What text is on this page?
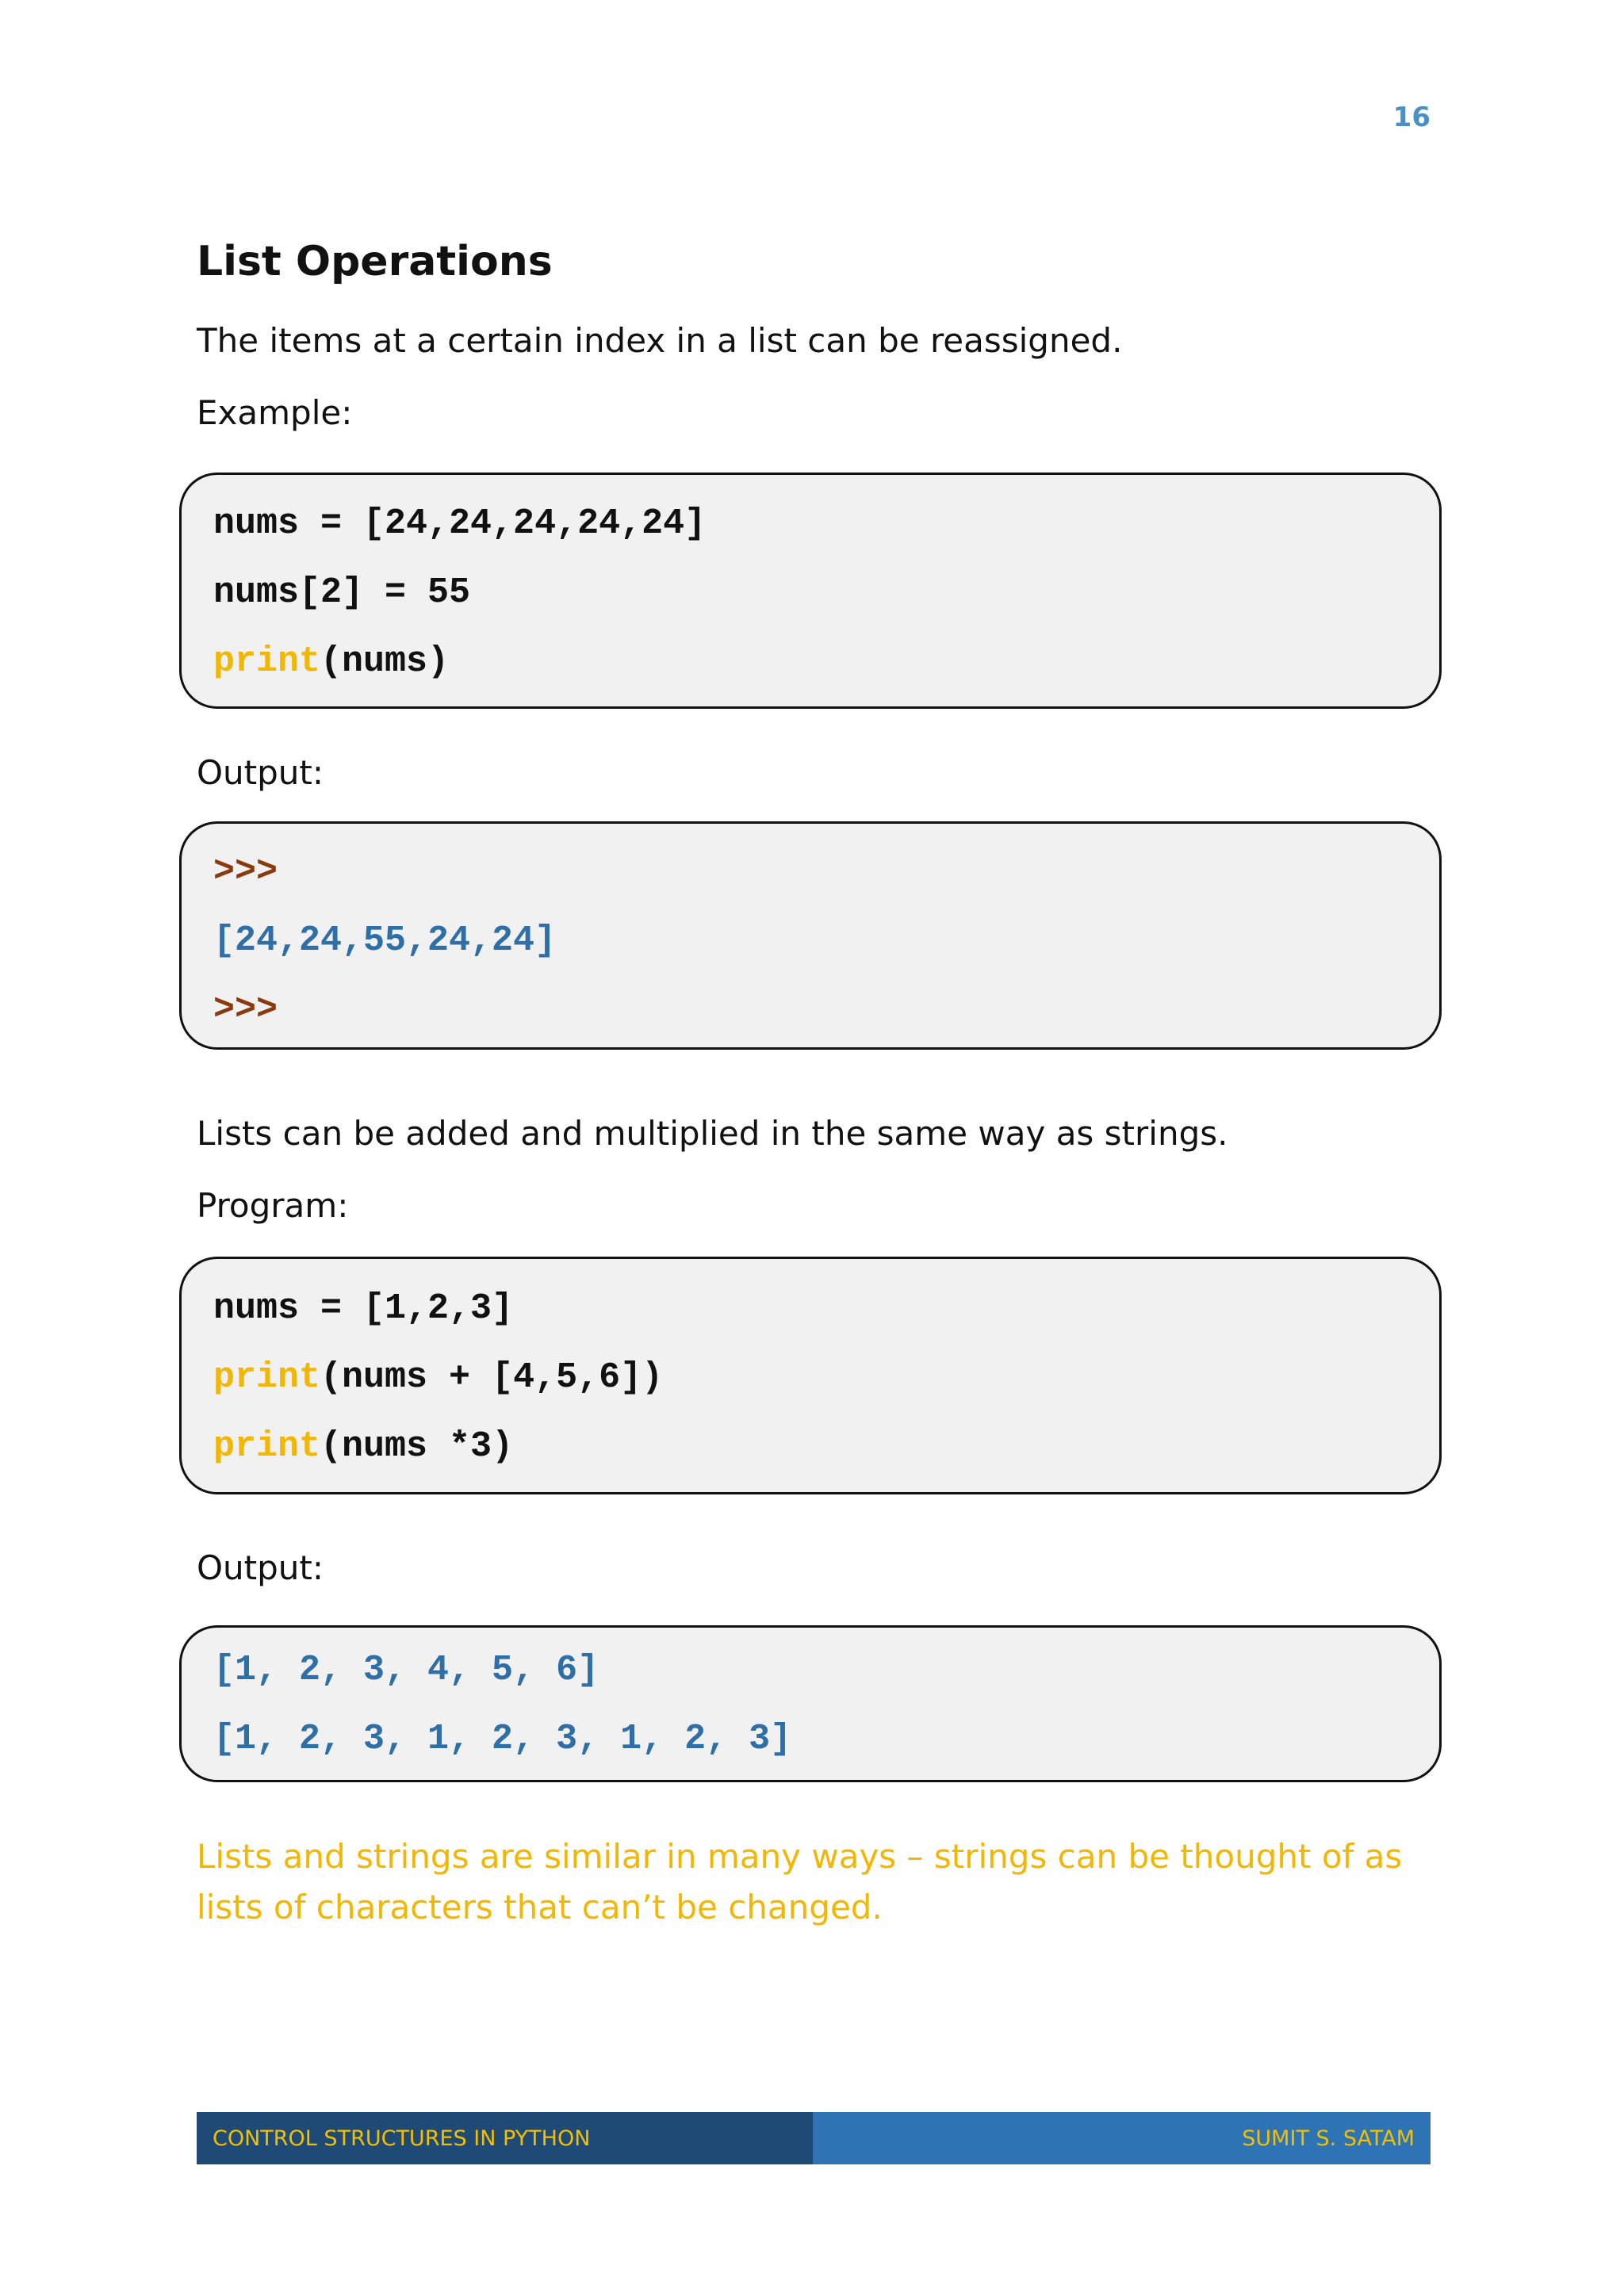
16
List Operations

The items at a certain index in a list can be reassigned.

Example:

nums = [24,24,24,24,24]
nums[2] = 55
print(nums)

Output:

>>>
[24,24,55,24,24]
>>>

Lists can be added and multiplied in the same way as strings.

Program:

nums = [1,2,3]
print(nums + [4,5,6])
print(nums *3)

Output:

[1, 2, 3, 4, 5, 6]
[1, 2, 3, 1, 2, 3, 1, 2, 3]

Lists and strings are similar in many ways – strings can be thought of as lists of characters that can’t be changed.

CONTROL STRUCTURES IN PYTHON	SUMIT S. SATAM
